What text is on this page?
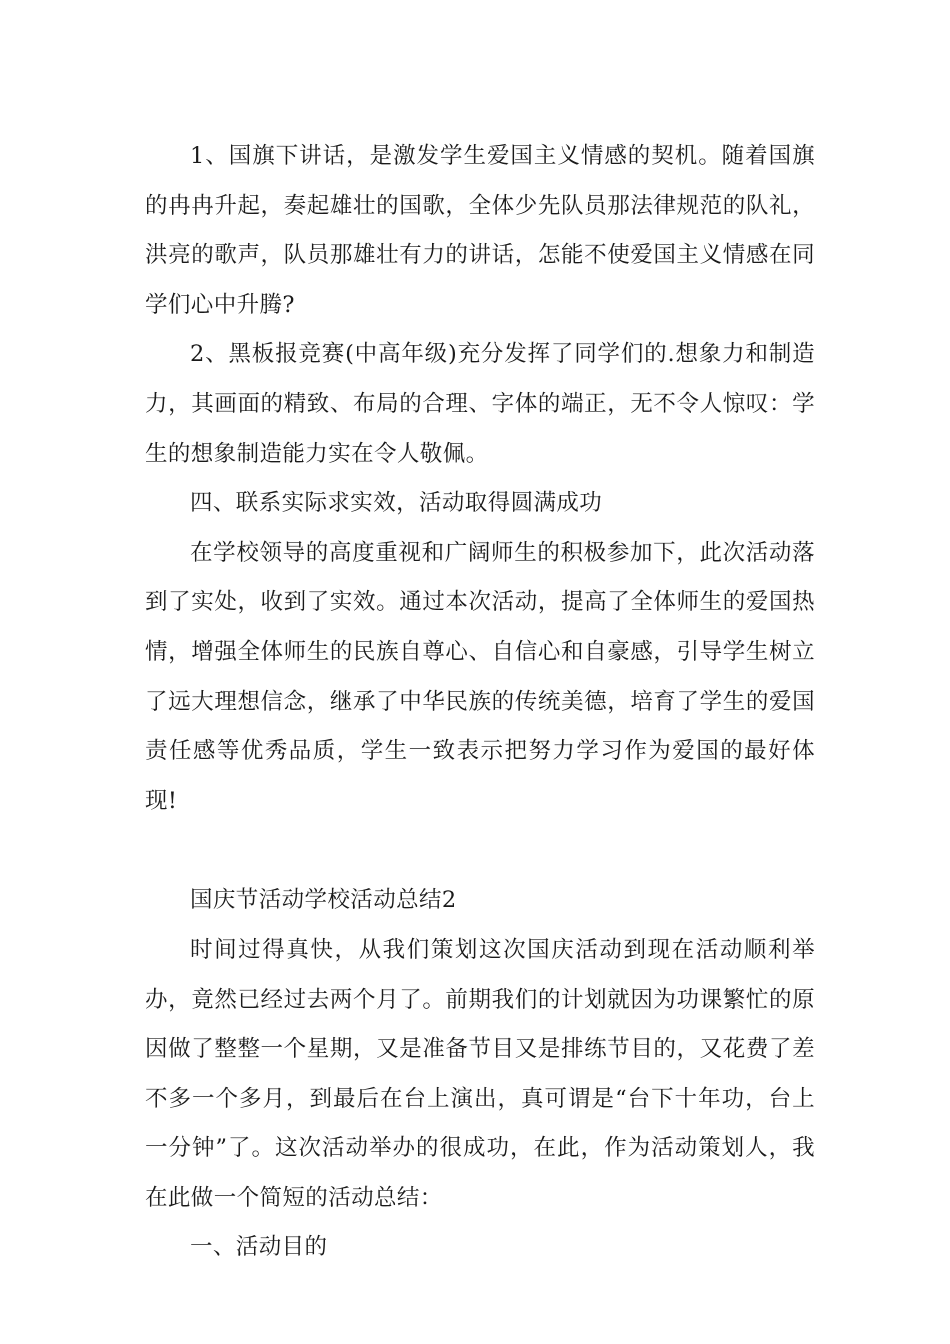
1、国旗下讲话，是激发学生爱国主义情感的契机。随着国旗的冉冉升起，奏起雄壮的国歌，全体少先队员那法律规范的队礼，洪亮的歌声，队员那雄壮有力的讲话，怎能不使爱国主义情感在同学们心中升腾?

2、黑板报竞赛(中高年级)充分发挥了同学们的.想象力和制造力，其画面的精致、布局的合理、字体的端正，无不令人惊叹：学生的想象制造能力实在令人敬佩。

四、联系实际求实效，活动取得圆满成功

在学校领导的高度重视和广阔师生的积极参加下，此次活动落到了实处，收到了实效。通过本次活动，提高了全体师生的爱国热情，增强全体师生的民族自尊心、自信心和自豪感，引导学生树立了远大理想信念，继承了中华民族的传统美德，培育了学生的爱国责任感等优秀品质，学生一致表示把努力学习作为爱国的最好体现!

国庆节活动学校活动总结2

时间过得真快，从我们策划这次国庆活动到现在活动顺利举办，竟然已经过去两个月了。前期我们的计划就因为功课繁忙的原因做了整整一个星期，又是准备节目又是排练节目的，又花费了差不多一个多月，到最后在台上演出，真可谓是“台下十年功，台上一分钟”了。这次活动举办的很成功，在此，作为活动策划人，我在此做一个简短的活动总结：

一、活动目的
